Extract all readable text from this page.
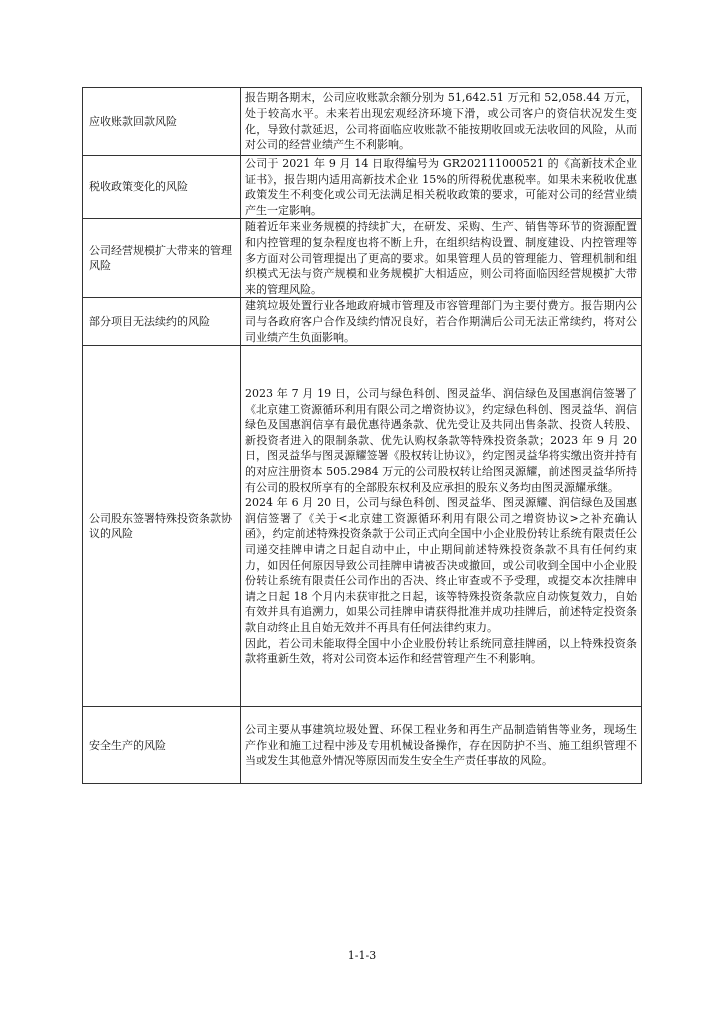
应收账款回款风险	报告期各期末，公司应收账款余额分别为 51,642.51 万元和 52,058.44 万元，处于较高水平。未来若出现宏观经济环境下滑，或公司客户的资信状况发生变化，导致付款延迟，公司将面临应收账款不能按期收回或无法收回的风险，从而对公司的经营业绩产生不利影响。

税收政策变化的风险	公司于 2021 年 9 月 14 日取得编号为 GR202111000521 的《高新技术企业证书》，报告期内适用高新技术企业 15%的所得税优惠税率。如果未来税收优惠政策发生不利变化或公司无法满足相关税收政策的要求，可能对公司的经营业绩产生一定影响。

公司经营规模扩大带来的管理风险	随着近年来业务规模的持续扩大，在研发、采购、生产、销售等环节的资源配置和内控管理的复杂程度也将不断上升，在组织结构设置、制度建设、内控管理等多方面对公司管理提出了更高的要求。如果管理人员的管理能力、管理机制和组织模式无法与资产规模和业务规模扩大相适应，则公司将面临因经营规模扩大带来的管理风险。

部分项目无法续约的风险	建筑垃圾处置行业各地政府城市管理及市容管理部门为主要付费方。报告期内公司与各政府客户合作及续约情况良好，若合作期满后公司无法正常续约，将对公司业绩产生负面影响。

公司股东签署特殊投资条款协议的风险	2023 年 7 月 19 日，公司与绿色科创、图灵益华、润信绿色及国惠润信签署了《北京建工资源循环利用有限公司之增资协议》，约定绿色科创、图灵益华、润信绿色及国惠润信享有最优惠待遇条款、优先受让及共同出售条款、投资人转股、新投资者进入的限制条款、优先认购权条款等特殊投资条款；2023 年 9 月 20 日，图灵益华与图灵源耀签署《股权转让协议》，约定图灵益华将实缴出资并持有的对应注册资本 505.2984 万元的公司股权转让给图灵源耀，前述图灵益华所持有公司的股权所享有的全部股东权利及应承担的股东义务均由图灵源耀承继。

2024 年 6 月 20 日，公司与绿色科创、图灵益华、图灵源耀、润信绿色及国惠润信签署了《关于<北京建工资源循环利用有限公司之增资协议>之补充确认函》，约定前述特殊投资条款于公司正式向全国中小企业股份转让系统有限责任公司递交挂牌申请之日起自动中止，中止期间前述特殊投资条款不具有任何约束力，如因任何原因导致公司挂牌申请被否决或撤回，或公司收到全国中小企业股份转让系统有限责任公司作出的否决、终止审查或不予受理，或提交本次挂牌申请之日起 18 个月内未获审批之日起，该等特殊投资条款应自动恢复效力，自始有效并具有追溯力，如果公司挂牌申请获得批准并成功挂牌后，前述特定投资条款自动终止且自始无效并不再具有任何法律约束力。

因此，若公司未能取得全国中小企业股份转让系统同意挂牌函，以上特殊投资条款将重新生效，将对公司资本运作和经营管理产生不利影响。

安全生产的风险	公司主要从事建筑垃圾处置、环保工程业务和再生产品制造销售等业务，现场生产作业和施工过程中涉及专用机械设备操作，存在因防护不当、施工组织管理不当或发生其他意外情况等原因而发生安全生产责任事故的风险。

1-1-3
